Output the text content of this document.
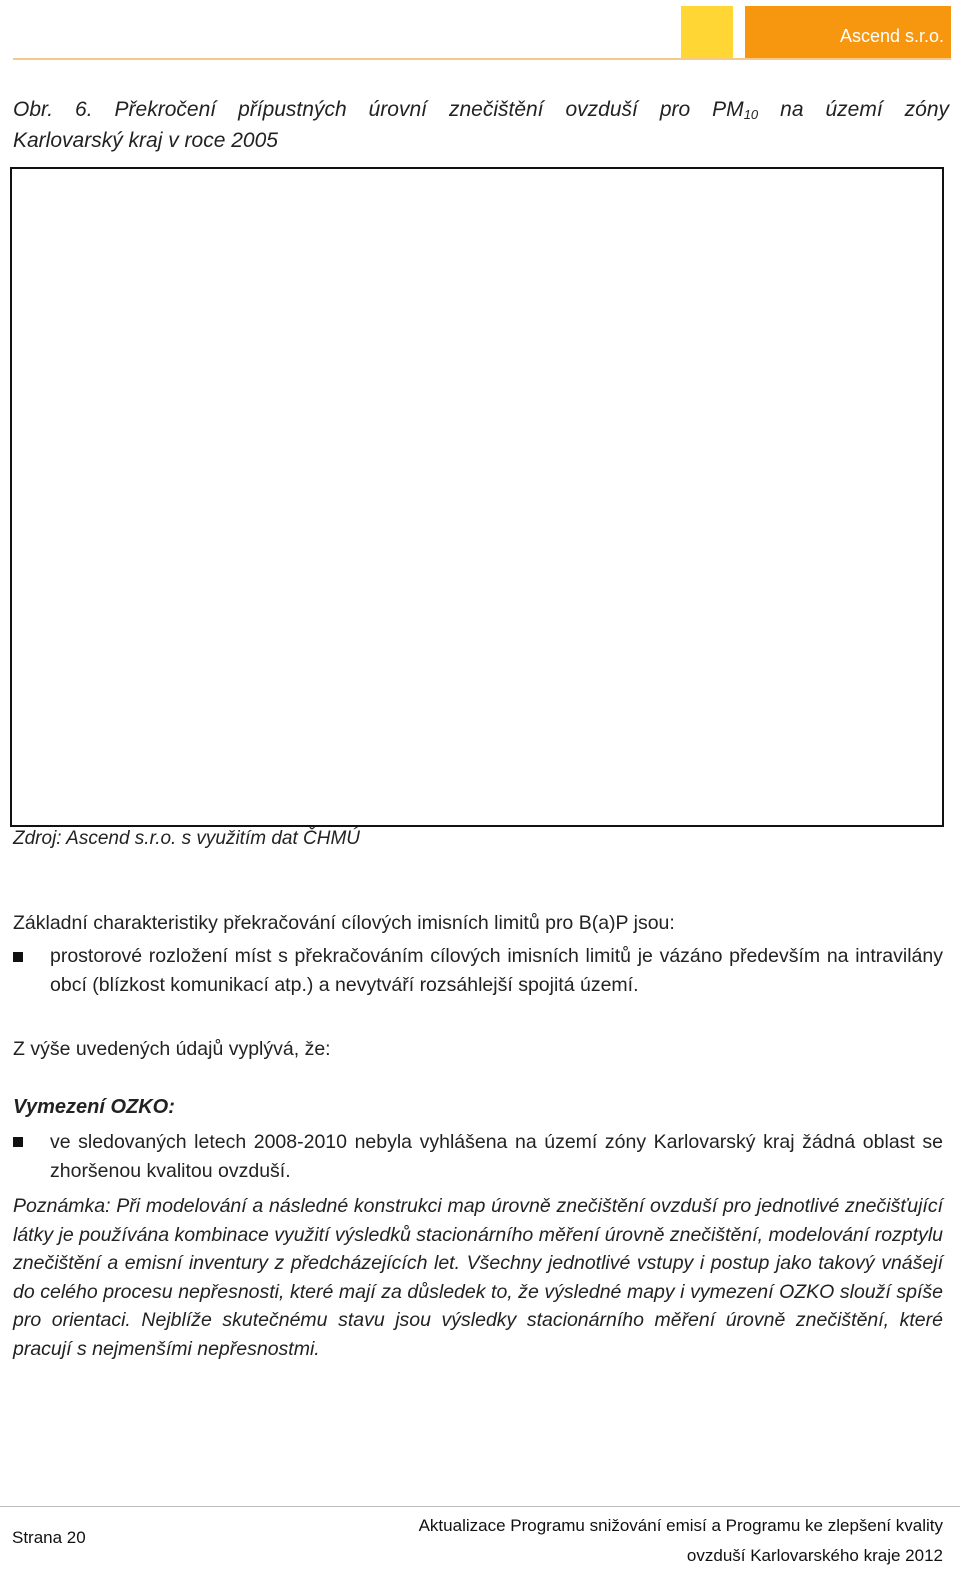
Ascend s.r.o.
Obr. 6. Překročení přípustných úrovní znečištění ovzduší pro $PM_{10}$ na území zóny
Karlovarský kraj v roce 2005
Zdroj: Ascend s.r.o. s využitím dat ČHMÚ
Základní charakteristiky překračování cílových imisních limitů pro B(a)P jsou:
prostorové rozložení míst s překračováním cílových imisních limitů je vázáno především na intravilány obcí (blízkost komunikací atp.) a nevytváří rozsáhlejší spojitá území.
Z výše uvedených údajů vyplývá, že:
Vymezení OZKO:
ve sledovaných letech 2008-2010 nebyla vyhlášena na území zóny Karlovarský kraj žádná oblast se zhoršenou kvalitou ovzduší.
Poznámka: Při modelování a následné konstrukci map úrovně znečištění ovzduší pro jednotlivé znečišťující látky je používána kombinace využití výsledků stacionárního měření úrovně znečištění, modelování rozptylu znečištění a emisní inventury z předcházejících let. Všechny jednotlivé vstupy i postup jako takový vnášejí do celého procesu nepřesnosti, které mají za důsledek to, že výsledné mapy i vymezení OZKO slouží spíše pro orientaci. Nejblíže skutečnému stavu jsou výsledky stacionárního měření úrovně znečištění, které pracují s nejmenšími nepřesnostmi.
Strana 20
Aktualizace Programu snižování emisí a Programu ke zlepšení kvality
ovzduší Karlovarského kraje 2012
